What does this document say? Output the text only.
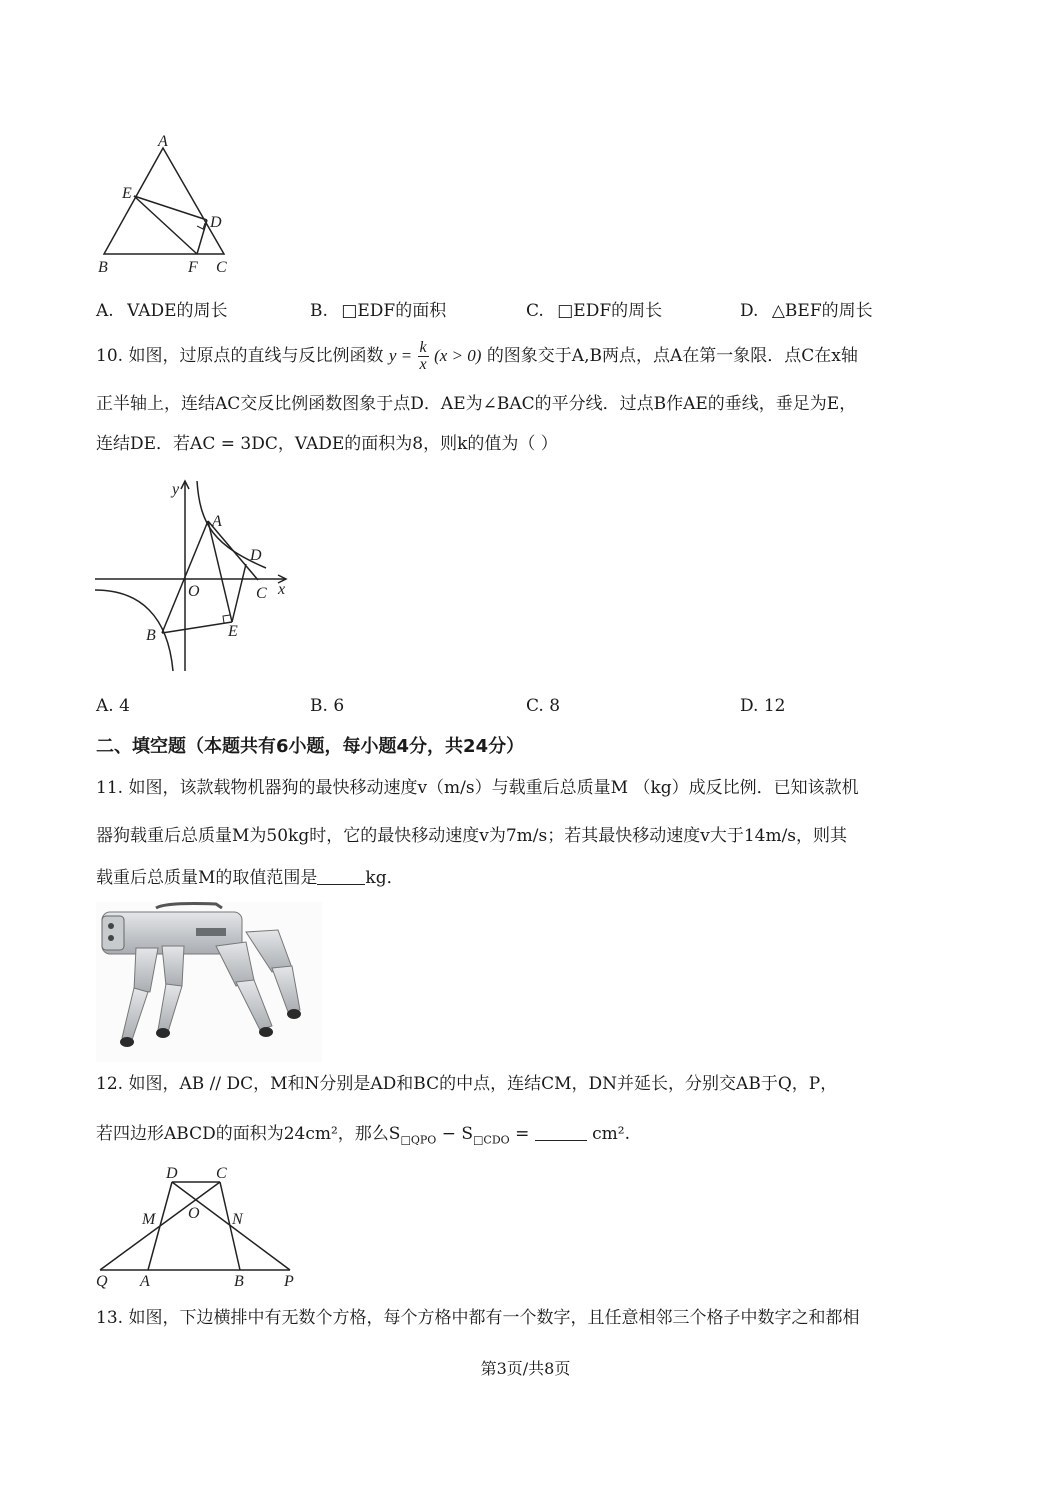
A
E
D
B	F C
A. VADE的周长	B. □EDF的面积	C. □EDF的周长	D. △BEF的周长
10. 如图，过原点的直线与反比例函数 $y = \frac{k}{x} (x > 0)$ 的图象交于A,B两点，点A在第一象限．点C在x轴
正半轴上，连结AC交反比例函数图象于点D．AE为∠BAC的平分线．过点B作AE的垂线，垂足为E，
连结DE．若AC = 3DC，VADE的面积为8，则k的值为（ ）
y
A
D
O	C x
B	E
A. 4	B. 6	C. 8	D. 12
二、填空题（本题共有6小题，每小题4分，共24分）
11. 如图，该款载物机器狗的最快移动速度v（m/s）与载重后总质量M （kg）成反比例．已知该款机
器狗载重后总质量M为50kg时，它的最快移动速度v为7m/s；若其最快移动速度v大于14m/s，则其
载重后总质量M的取值范围是	kg．
12. 如图，AB // DC，M和N分别是AD和BC的中点，连结CM，DN并延长，分别交AB于Q，P，
若四边形ABCD的面积为24cm²，那么$S_{□QPO} - S_{□CDO}$ =	cm².
D C
M O N
Q A	B	P
13. 如图，下边横排中有无数个方格，每个方格中都有一个数字，且任意相邻三个格子中数字之和都相
第3页/共8页
